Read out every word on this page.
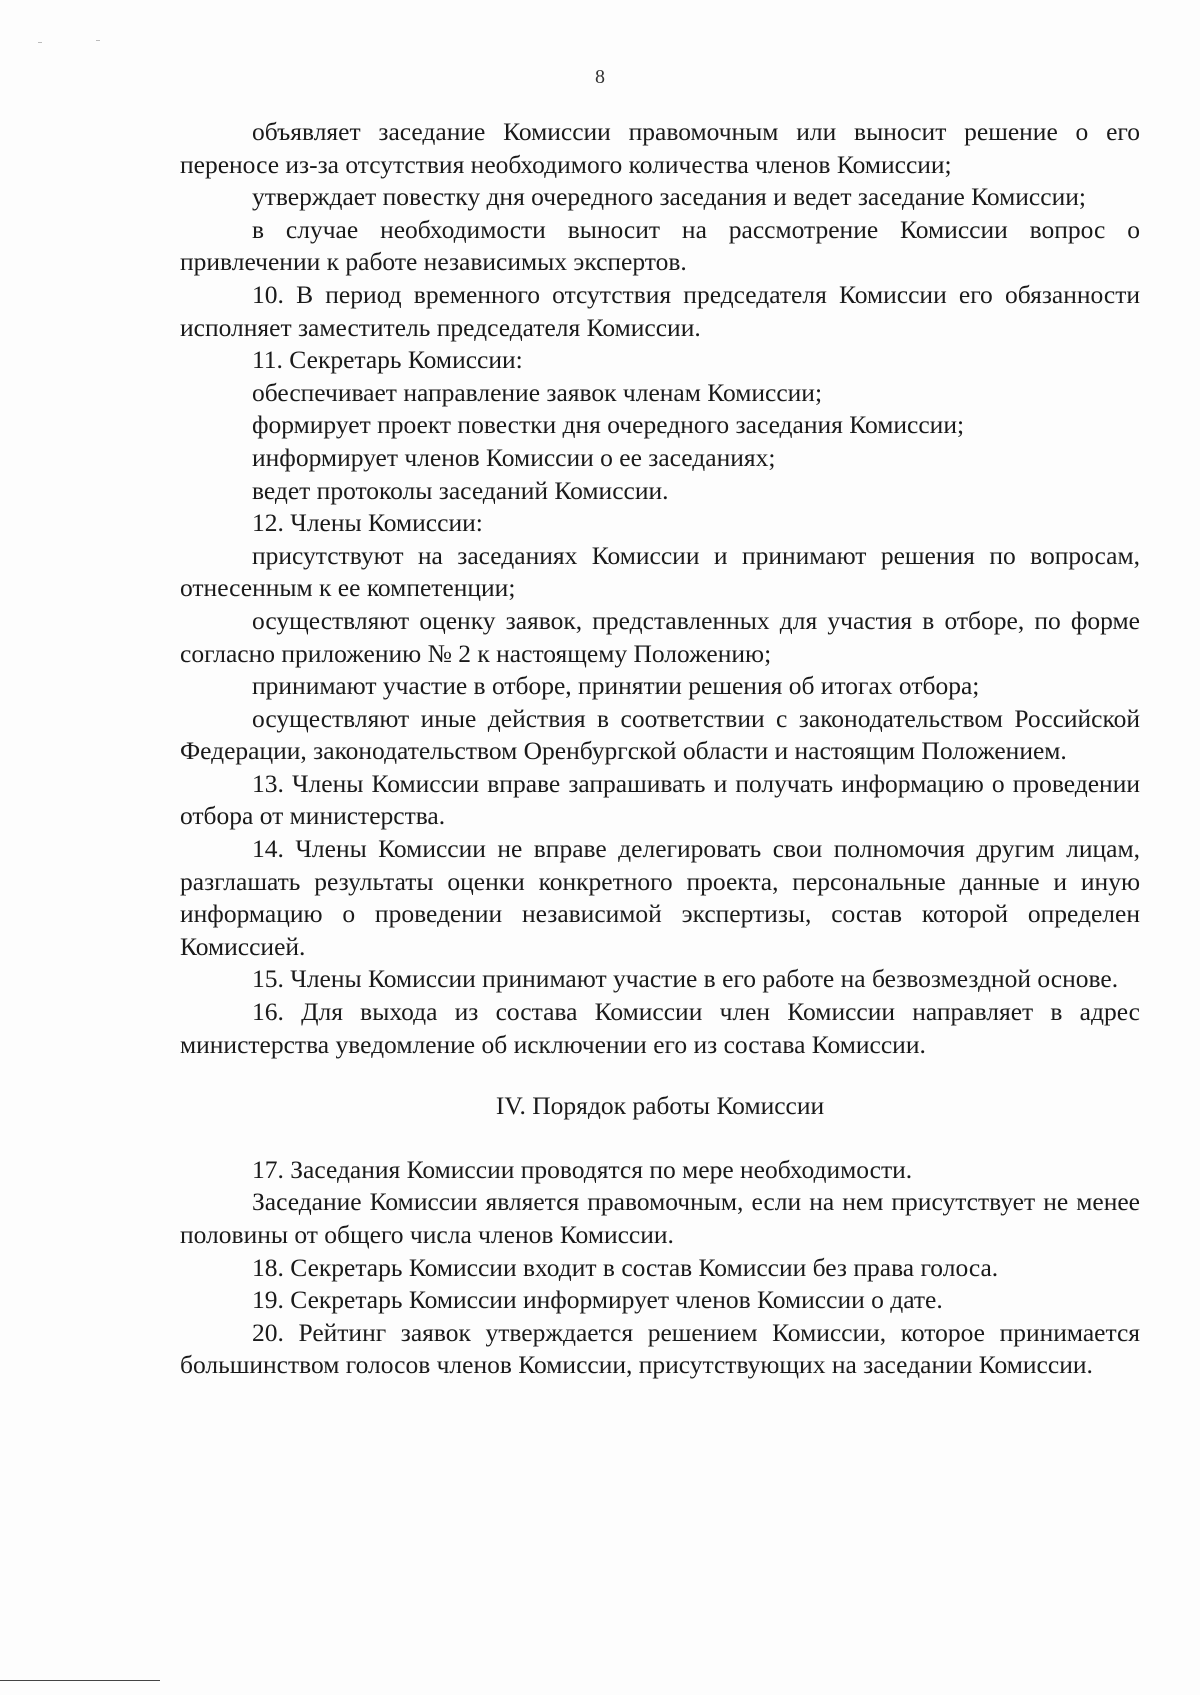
8

объявляет заседание Комиссии правомочным или выносит решение о его переносе из-за отсутствия необходимого количества членов Комиссии;

утверждает повестку дня очередного заседания и ведет заседание Комиссии;

в случае необходимости выносит на рассмотрение Комиссии вопрос о привлечении к работе независимых экспертов.

10. В период временного отсутствия председателя Комиссии его обязанности исполняет заместитель председателя Комиссии.

11. Секретарь Комиссии:

обеспечивает направление заявок членам Комиссии;

формирует проект повестки дня очередного заседания Комиссии;

информирует членов Комиссии о ее заседаниях;

ведет протоколы заседаний Комиссии.

12. Члены Комиссии:

присутствуют на заседаниях Комиссии и принимают решения по вопросам, отнесенным к ее компетенции;

осуществляют оценку заявок, представленных для участия в отборе, по форме согласно приложению № 2 к настоящему Положению;

принимают участие в отборе, принятии решения об итогах отбора;

осуществляют иные действия в соответствии с законодательством Российской Федерации, законодательством Оренбургской области и настоящим Положением.

13. Члены Комиссии вправе запрашивать и получать информацию о проведении отбора от министерства.

14. Члены Комиссии не вправе делегировать свои полномочия другим лицам, разглашать результаты оценки конкретного проекта, персональные данные и иную информацию о проведении независимой экспертизы, состав которой определен Комиссией.

15. Члены Комиссии принимают участие в его работе на безвозмездной основе.

16. Для выхода из состава Комиссии член Комиссии направляет в адрес министерства уведомление об исключении его из состава Комиссии.

IV. Порядок работы Комиссии

17. Заседания Комиссии проводятся по мере необходимости.

Заседание Комиссии является правомочным, если на нем присутствует не менее половины от общего числа членов Комиссии.

18. Секретарь Комиссии входит в состав Комиссии без права голоса.

19. Секретарь Комиссии информирует членов Комиссии о дате.

20. Рейтинг заявок утверждается решением Комиссии, которое принимается большинством голосов членов Комиссии, присутствующих на заседании Комиссии.
